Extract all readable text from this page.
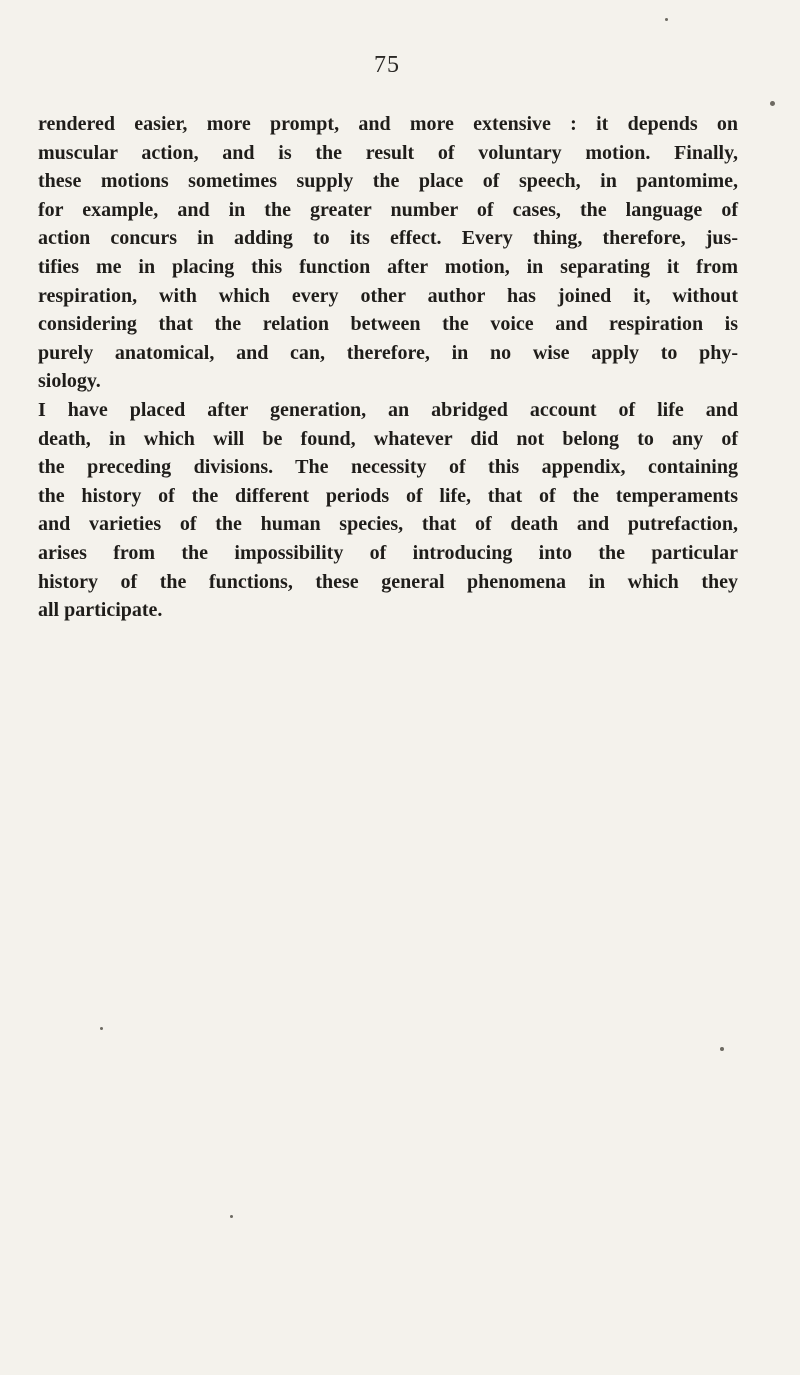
75
rendered easier, more prompt, and more extensive : it depends on
muscular action, and is the result of voluntary motion. Finally,
these motions sometimes supply the place of speech, in pantomime,
for example, and in the greater number of cases, the language of
action concurs in adding to its effect. Every thing, therefore, jus-
tifies me in placing this function after motion, in separating it from
respiration, with which every other author has joined it, without
considering that the relation between the voice and respiration is
purely anatomical, and can, therefore, in no wise apply to phy-
siology.
I have placed after generation, an abridged account of life and
death, in which will be found, whatever did not belong to any of
the preceding divisions. The necessity of this appendix, containing
the history of the different periods of life, that of the temperaments
and varieties of the human species, that of death and putrefaction,
arises from the impossibility of introducing into the particular
history of the functions, these general phenomena in which they
all participate.
